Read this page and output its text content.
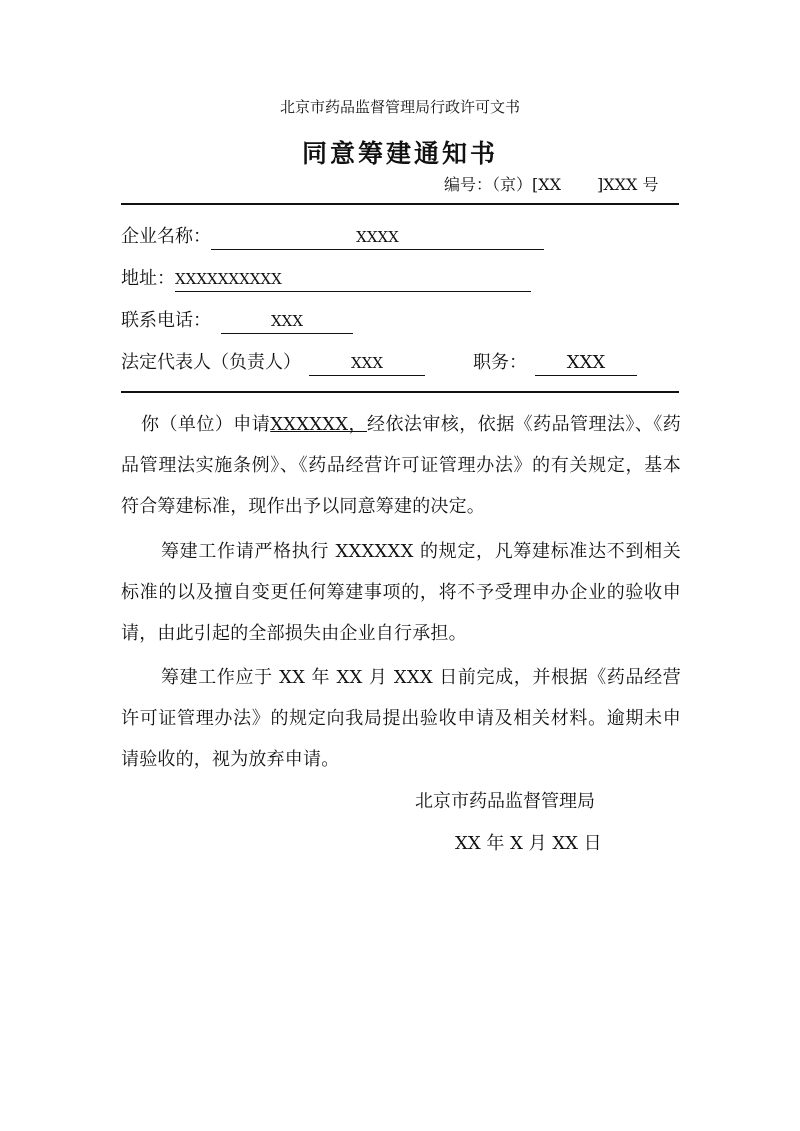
北京市药品监督管理局行政许可文书
同意筹建通知书
编号：（京）[XX ]XXX 号
企业名称：	XXXX
地址：XXXXXXXXXX
联系电话：	XXX
法定代表人（负责人）	XXX	职务： XXX

你（单位）申请XXXXXX，经依法审核，依据《药品管理法》、《药品管理法实施条例》、《药品经营许可证管理办法》的有关规定，基本符合筹建标准，现作出予以同意筹建的决定。

筹建工作请严格执行 XXXXXX 的规定，凡筹建标准达不到相关标准的以及擅自变更任何筹建事项的，将不予受理申办企业的验收申请，由此引起的全部损失由企业自行承担。

筹建工作应于 XX 年 XX 月 XXX 日前完成，并根据《药品经营许可证管理办法》的规定向我局提出验收申请及相关材料。逾期未申请验收的，视为放弃申请。

北京市药品监督管理局
XX 年 X 月 XX 日
